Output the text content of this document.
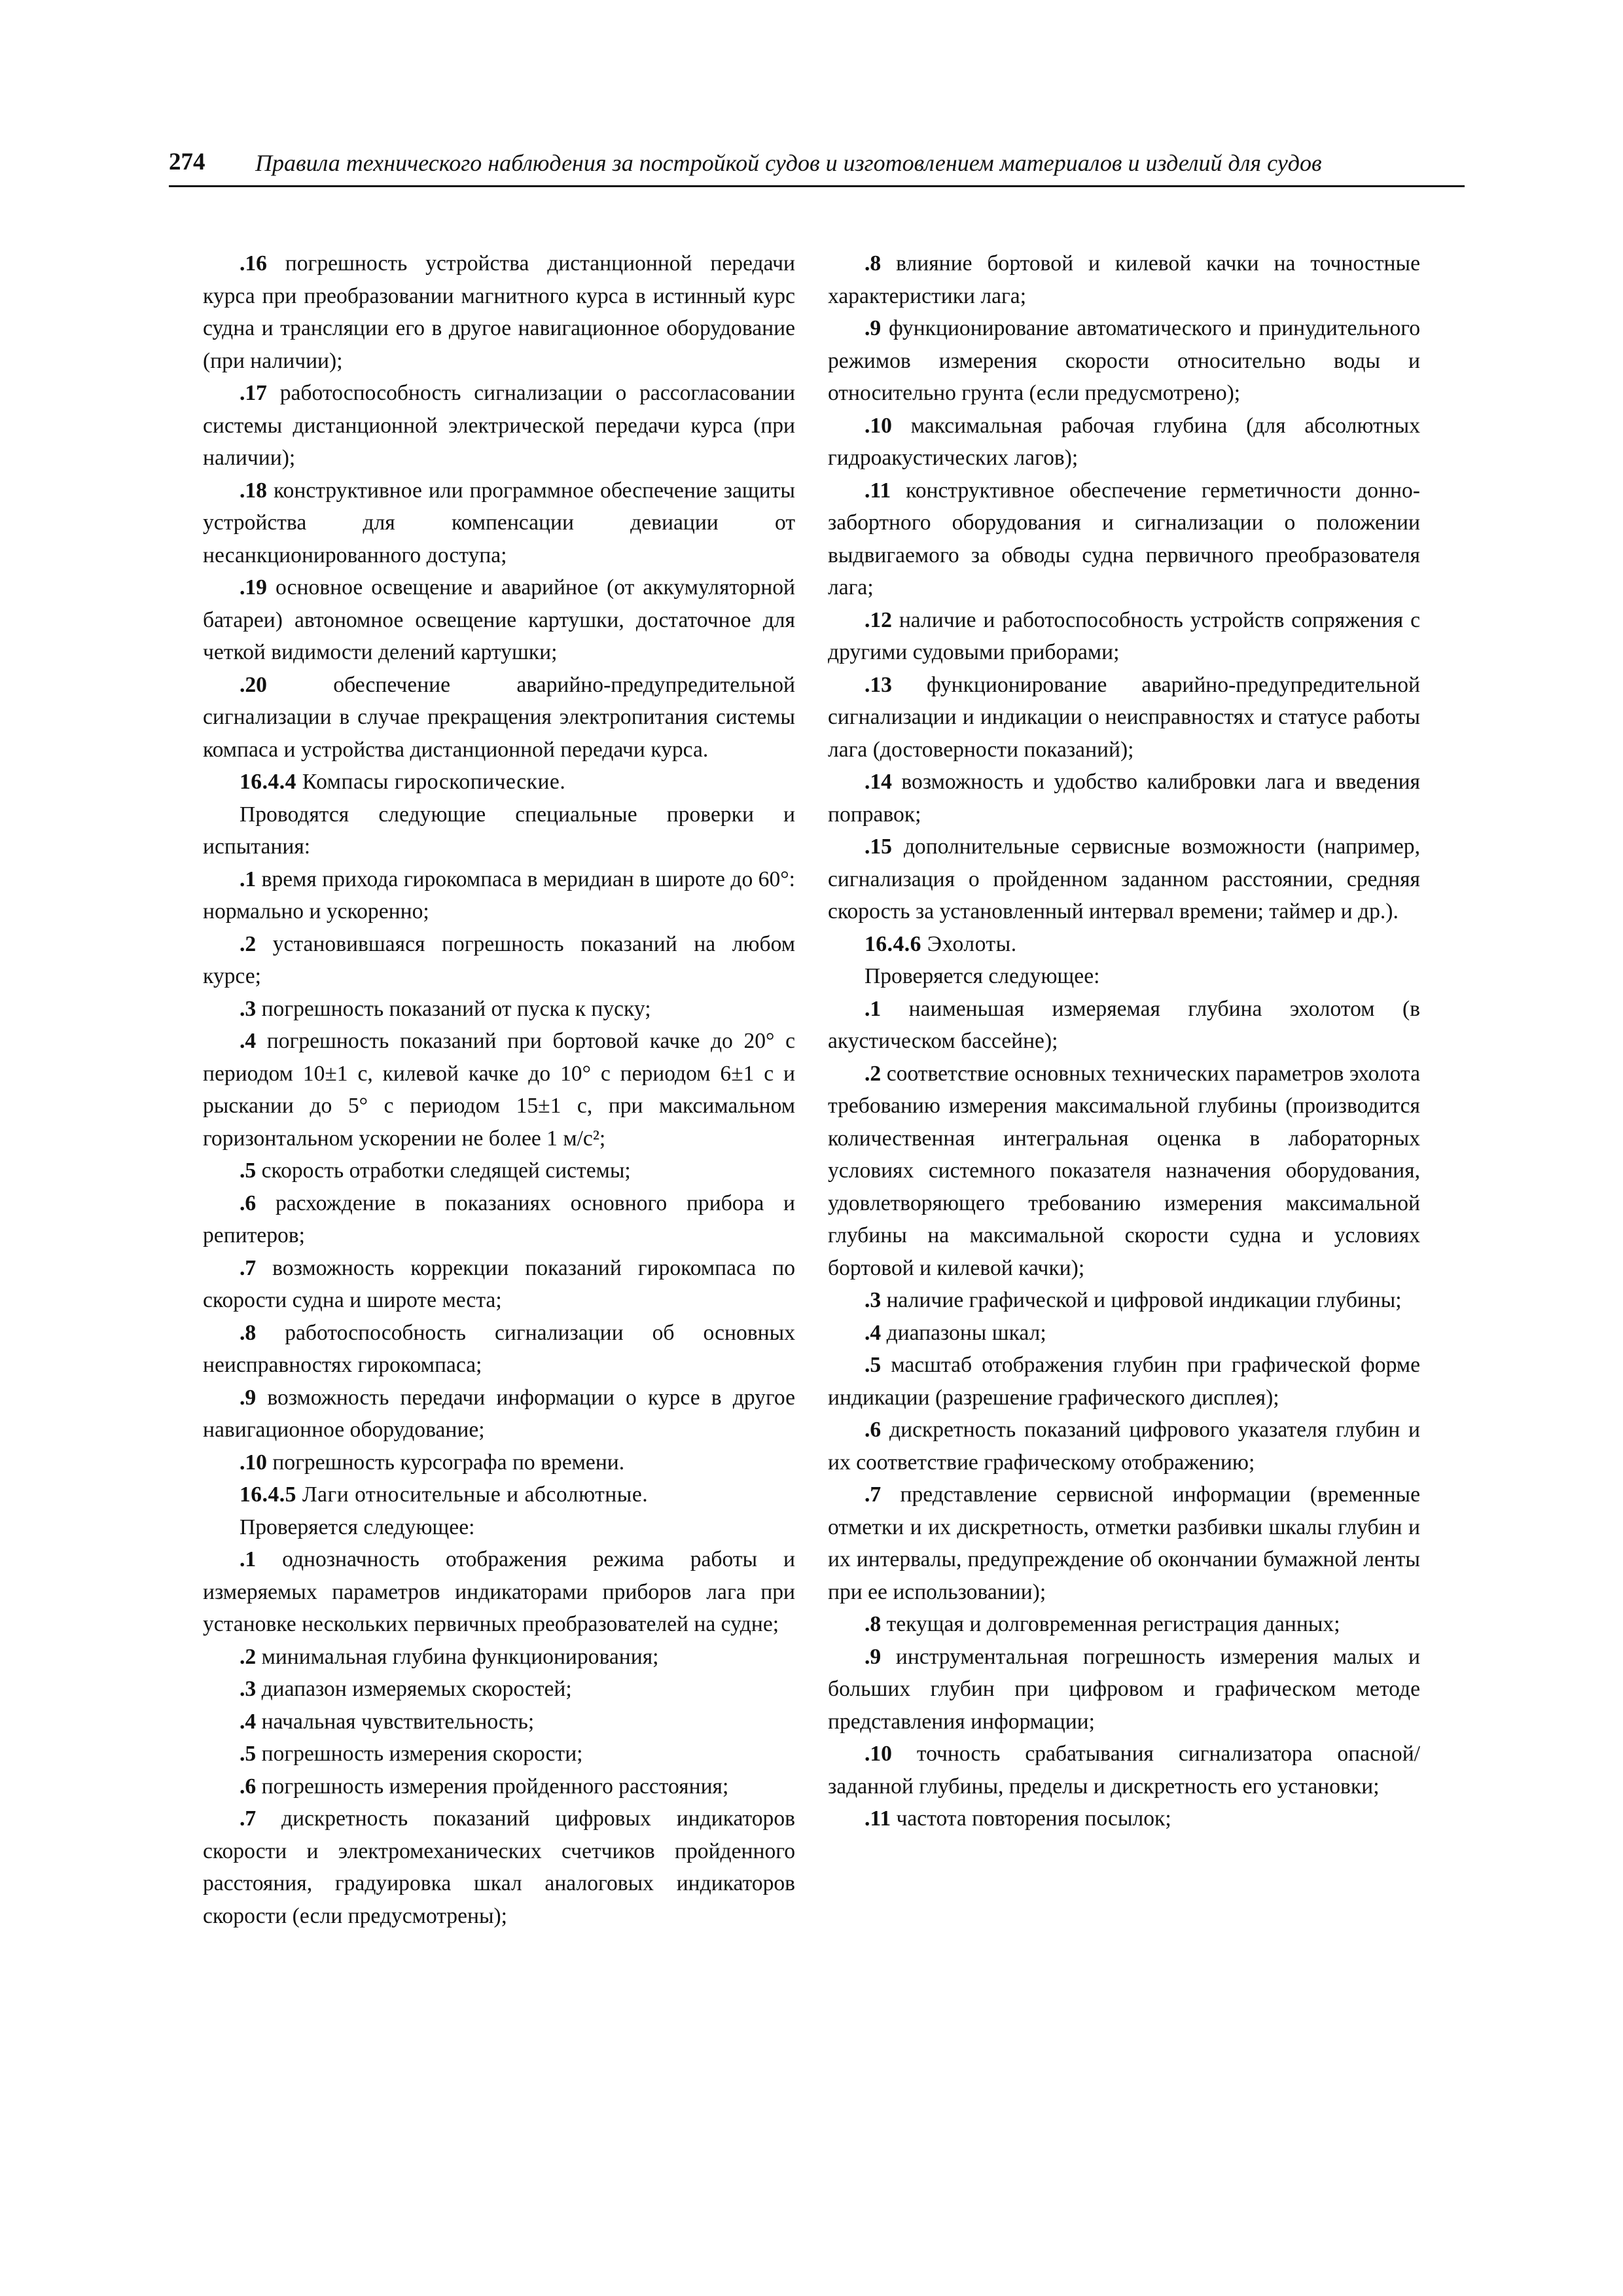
274 Правила технического наблюдения за постройкой судов и изготовлением материалов и изделий для судов

.16 погрешность устройства дистанционной передачи курса при преобразовании магнитного курса в истинный курс судна и трансляции его в другое навигационное оборудование (при наличии);

.17 работоспособность сигнализации о рассогласовании системы дистанционной электрической передачи курса (при наличии);

.18 конструктивное или программное обеспечение защиты устройства для компенсации девиации от несанкционированного доступа;

.19 основное освещение и аварийное (от аккумуляторной батареи) автономное освещение картушки, достаточное для четкой видимости делений картушки;

.20 обеспечение аварийно-предупредительной сигнализации в случае прекращения электропитания системы компаса и устройства дистанционной передачи курса.

16.4.4 Компасы гироскопические.

Проводятся следующие специальные проверки и испытания:

.1 время прихода гирокомпаса в меридиан в широте до 60°: нормально и ускоренно;

.2 установившаяся погрешность показаний на любом курсе;

.3 погрешность показаний от пуска к пуску;

.4 погрешность показаний при бортовой качке до 20° с периодом 10±1 с, килевой качке до 10° с периодом 6±1 с и рыскании до 5° с периодом 15±1 с, при максимальном горизонтальном ускорении не более 1 м/с²;

.5 скорость отработки следящей системы;

.6 расхождение в показаниях основного прибора и репитеров;

.7 возможность коррекции показаний гирокомпаса по скорости судна и широте места;

.8 работоспособность сигнализации об основных неисправностях гирокомпаса;

.9 возможность передачи информации о курсе в другое навигационное оборудование;

.10 погрешность курсографа по времени.

16.4.5 Лаги относительные и абсолютные.

Проверяется следующее:

.1 однозначность отображения режима работы и измеряемых параметров индикаторами приборов лага при установке нескольких первичных преобразователей на судне;

.2 минимальная глубина функционирования;

.3 диапазон измеряемых скоростей;

.4 начальная чувствительность;

.5 погрешность измерения скорости;

.6 погрешность измерения пройденного расстояния;

.7 дискретность показаний цифровых индикаторов скорости и электромеханических счетчиков пройденного расстояния, градуировка шкал аналоговых индикаторов скорости (если предусмотрены);

.8 влияние бортовой и килевой качки на точностные характеристики лага;

.9 функционирование автоматического и принудительного режимов измерения скорости относительно воды и относительно грунта (если предусмотрено);

.10 максимальная рабочая глубина (для абсолютных гидроакустических лагов);

.11 конструктивное обеспечение герметичности донно-забортного оборудования и сигнализации о положении выдвигаемого за обводы судна первичного преобразователя лага;

.12 наличие и работоспособность устройств сопряжения с другими судовыми приборами;

.13 функционирование аварийно-предупредительной сигнализации и индикации о неисправностях и статусе работы лага (достоверности показаний);

.14 возможность и удобство калибровки лага и введения поправок;

.15 дополнительные сервисные возможности (например, сигнализация о пройденном заданном расстоянии, средняя скорость за установленный интервал времени; таймер и др.).

16.4.6 Эхолоты.

Проверяется следующее:

.1 наименьшая измеряемая глубина эхолотом (в акустическом бассейне);

.2 соответствие основных технических параметров эхолота требованию измерения максимальной глубины (производится количественная интегральная оценка в лабораторных условиях системного показателя назначения оборудования, удовлетворяющего требованию измерения максимальной глубины на максимальной скорости судна и условиях бортовой и килевой качки);

.3 наличие графической и цифровой индикации глубины;

.4 диапазоны шкал;

.5 масштаб отображения глубин при графической форме индикации (разрешение графического дисплея);

.6 дискретность показаний цифрового указателя глубин и их соответствие графическому отображению;

.7 представление сервисной информации (временные отметки и их дискретность, отметки разбивки шкалы глубин и их интервалы, предупреждение об окончании бумажной ленты при ее использовании);

.8 текущая и долговременная регистрация данных;

.9 инструментальная погрешность измерения малых и больших глубин при цифровом и графическом методе представления информации;

.10 точность срабатывания сигнализатора опасной/заданной глубины, пределы и дискретность его установки;

.11 частота повторения посылок;
